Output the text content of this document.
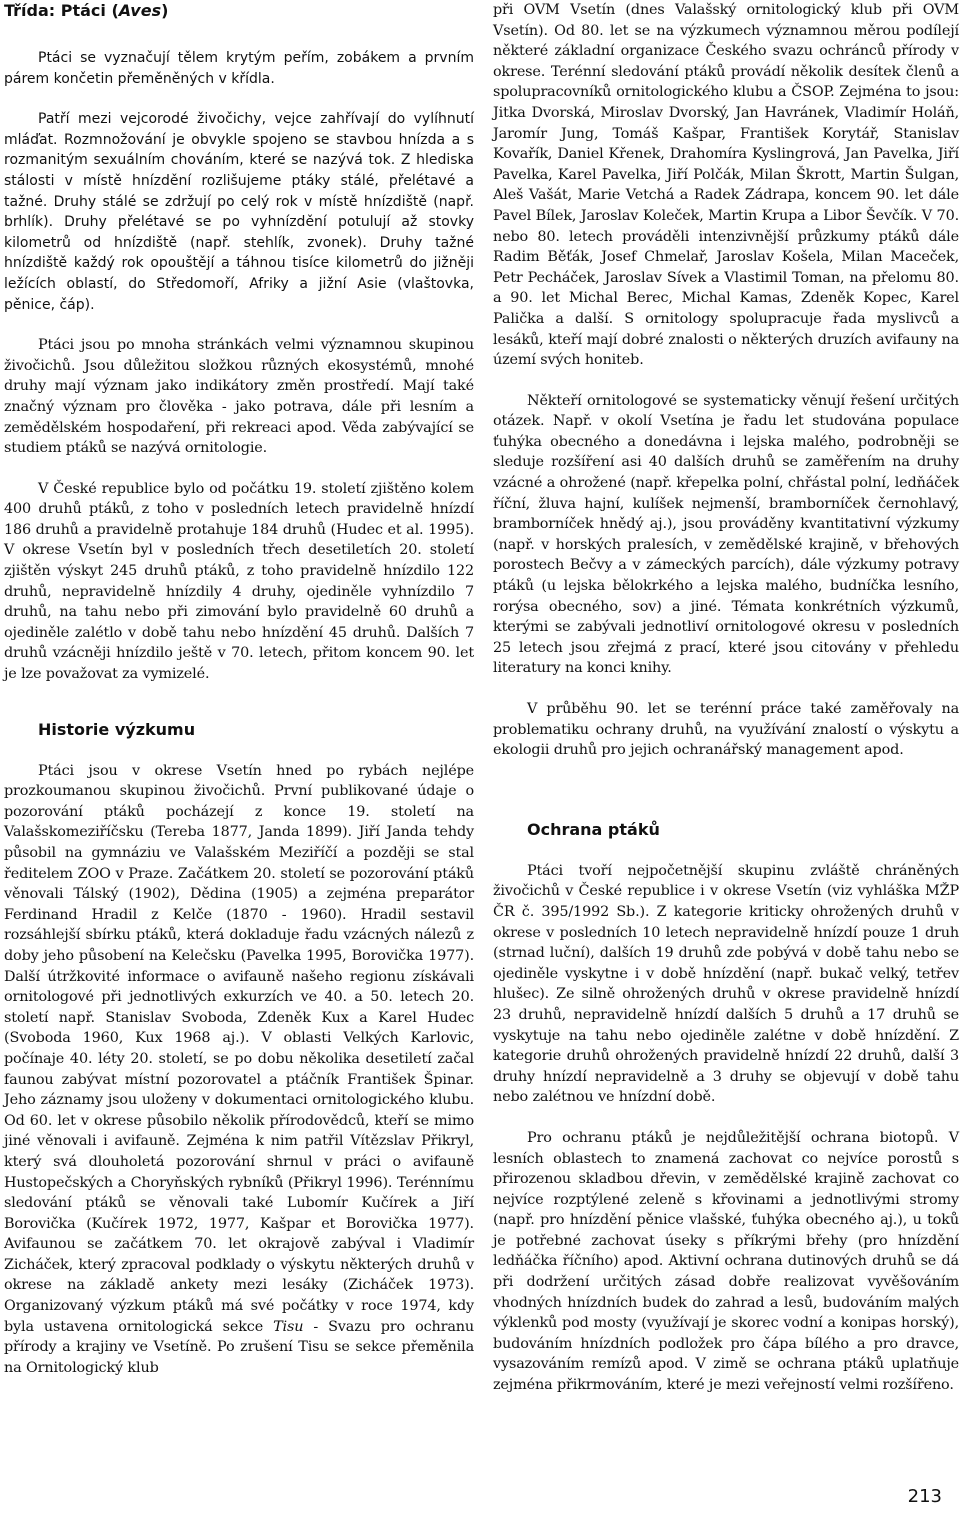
Třída: Ptáci (Aves)

Ptáci se vyznačují tělem krytým peřím, zobákem a prvním párem končetin přeměněných v křídla.

Patří mezi vejcorodé živočichy, vejce zahřívají do vylíhnutí mláďat. Rozmnožování je obvykle spojeno se stavbou hnízda a s rozmanitým sexuálním chováním, které se nazývá tok. Z hlediska stálosti v místě hnízdění rozlišujeme ptáky stálé, přelétavé a tažné. Druhy stálé se zdržují po celý rok v místě hnízdiště (např. brhlík). Druhy přelétavé se po vyhnízdění potulují až stovky kilometrů od hnízdiště (např. stehlík, zvonek). Druhy tažné hnízdiště každý rok opouštějí a táhnou tisíce kilometrů do jižněji ležících oblastí, do Středomoří, Afriky a jižní Asie (vlaštovka, pěnice, čáp).

Ptáci jsou po mnoha stránkách velmi významnou skupinou živočichů. Jsou důležitou složkou různých ekosystémů, mnohé druhy mají význam jako indikátory změn prostředí. Mají také značný význam pro člověka - jako potrava, dále při lesním a zemědělském hospodaření, při rekreaci apod. Věda zabývající se studiem ptáků se nazývá ornitologie.

V České republice bylo od počátku 19. století zjištěno kolem 400 druhů ptáků, z toho v posledních letech pravidelně hnízdí 186 druhů a pravidelně protahuje 184 druhů (Hudec et al. 1995). V okrese Vsetín byl v posledních třech desetiletích 20. století zjištěn výskyt 245 druhů ptáků, z toho pravidelně hnízdilo 122 druhů, nepravidelně hnízdily 4 druhy, ojediněle vyhnízdilo 7 druhů, na tahu nebo při zimování bylo pravidelně 60 druhů a ojediněle zalétlo v době tahu nebo hnízdění 45 druhů. Dalších 7 druhů vzácněji hnízdilo ještě v 70. letech, přitom koncem 90. let je lze považovat za vymizelé.

Historie výzkumu

Ptáci jsou v okrese Vsetín hned po rybách nejlépe prozkoumanou skupinou živočichů. První publikované údaje o pozorování ptáků pocházejí z konce 19. století na Valašskomeziříčsku (Tereba 1877, Janda 1899). Jiří Janda tehdy působil na gymnáziu ve Valašském Meziříčí a později se stal ředitelem ZOO v Praze. Začátkem 20. století se pozorování ptáků věnovali Tálský (1902), Dědina (1905) a zejména preparátor Ferdinand Hradil z Kelče (1870 - 1960). Hradil sestavil rozsáhlejší sbírku ptáků, která dokladuje řadu vzácných nálezů z doby jeho působení na Kelečsku (Pavelka 1995, Borovička 1977). Další útržkovité informace o avifauně našeho regionu získávali ornitologové při jednotlivých exkurzích ve 40. a 50. letech 20. století např. Stanislav Svoboda, Zdeněk Kux a Karel Hudec (Svoboda 1960, Kux 1968 aj.). V oblasti Velkých Karlovic, počínaje 40. léty 20. století, se po dobu několika desetiletí začal faunou zabývat místní pozorovatel a ptáčník František Špinar. Jeho záznamy jsou uloženy v dokumentaci ornitologického klubu. Od 60. let v okrese působilo několik přírodovědců, kteří se mimo jiné věnovali i avifauně. Zejména k nim patřil Vítězslav Přikryl, který svá dlouholetá pozorování shrnul v práci o avifauně Hustopečských a Choryňských rybníků (Přikryl 1996). Terénnímu sledování ptáků se věnovali také Lubomír Kučírek a Jiří Borovička (Kučírek 1972, 1977, Kašpar et Borovička 1977). Avifaunou se začátkem 70. let okrajově zabýval i Vladimír Zicháček, který zpracoval podklady o výskytu některých druhů v okrese na základě ankety mezi lesáky (Zicháček 1973). Organizovaný výzkum ptáků má své počátky v roce 1974, kdy byla ustavena ornitologická sekce Tisu - Svazu pro ochranu přírody a krajiny ve Vsetíně. Po zrušení Tisu se sekce přeměnila na Ornitologický klub

při OVM Vsetín (dnes Valašský ornitologický klub při OVM Vsetín). Od 80. let se na výzkumech významnou měrou podílejí některé základní organizace Českého svazu ochránců přírody v okrese. Terénní sledování ptáků provádí několik desítek členů a spolupracovníků ornitologického klubu a ČSOP. Zejména to jsou: Jitka Dvorská, Miroslav Dvorský, Jan Havránek, Vladimír Holáň, Jaromír Jung, Tomáš Kašpar, František Korytář, Stanislav Kovařík, Daniel Křenek, Drahomíra Kyslingrová, Jan Pavelka, Jiří Pavelka, Karel Pavelka, Jiří Polčák, Milan Škrott, Martin Šulgan, Aleš Vašát, Marie Vetchá a Radek Zádrapa, koncem 90. let dále Pavel Bílek, Jaroslav Koleček, Martin Krupa a Libor Ševčík. V 70. nebo 80. letech prováděli intenzivnější průzkumy ptáků dále Radim Běťák, Josef Chmelař, Jaroslav Košela, Milan Maceček, Petr Pecháček, Jaroslav Sívek a Vlastimil Toman, na přelomu 80. a 90. let Michal Berec, Michal Kamas, Zdeněk Kopec, Karel Palička a další. S ornitology spolupracuje řada myslivců a lesáků, kteří mají dobré znalosti o některých druzích avifauny na území svých honiteb.

Někteří ornitologové se systematicky věnují řešení určitých otázek. Např. v okolí Vsetína je řadu let studována populace ťuhýka obecného a donedávna i lejska malého, podrobněji se sleduje rozšíření asi 40 dalších druhů se zaměřením na druhy vzácné a ohrožené (např. křepelka polní, chřástal polní, ledňáček říční, žluva hajní, kulíšek nejmenší, bramborníček černohlavý, bramborníček hnědý aj.), jsou prováděny kvantitativní výzkumy (např. v horských pralesích, v zemědělské krajině, v břehových porostech Bečvy a v zámeckých parcích), dále výzkumy potravy ptáků (u lejska bělokrkého a lejska malého, budníčka lesního, rorýsa obecného, sov) a jiné. Témata konkrétních výzkumů, kterými se zabývali jednotliví ornitologové okresu v posledních 25 letech jsou zřejmá z prací, které jsou citovány v přehledu literatury na konci knihy.

V průběhu 90. let se terénní práce také zaměřovaly na problematiku ochrany druhů, na využívání znalostí o výskytu a ekologii druhů pro jejich ochranářský management apod.

Ochrana ptáků

Ptáci tvoří nejpočetnější skupinu zvláště chráněných živočichů v České republice i v okrese Vsetín (viz vyhláška MŽP ČR č. 395/1992 Sb.). Z kategorie kriticky ohrožených druhů v okrese v posledních 10 letech nepravidelně hnízdí pouze 1 druh (strnad luční), dalších 19 druhů zde pobývá v době tahu nebo se ojediněle vyskytne i v době hnízdění (např. bukač velký, tetřev hlušec). Ze silně ohrožených druhů v okrese pravidelně hnízdí 23 druhů, nepravidelně hnízdí dalších 5 druhů a 17 druhů se vyskytuje na tahu nebo ojediněle zalétne v době hnízdění. Z kategorie druhů ohrožených pravidelně hnízdí 22 druhů, další 3 druhy hnízdí nepravidelně a 3 druhy se objevují v době tahu nebo zalétnou ve hnízdní době.

Pro ochranu ptáků je nejdůležitější ochrana biotopů. V lesních oblastech to znamená zachovat co nejvíce porostů s přirozenou skladbou dřevin, v zemědělské krajině zachovat co nejvíce rozptýlené zeleně s křovinami a jednotlivými stromy (např. pro hnízdění pěnice vlašské, ťuhýka obecného aj.), u toků je potřebné zachovat úseky s příkrými břehy (pro hnízdění ledňáčka říčního) apod. Aktivní ochrana dutinových druhů se dá při dodržení určitých zásad dobře realizovat vyvěšováním vhodných hnízdních budek do zahrad a lesů, budováním malých výklenků pod mosty (využívají je skorec vodní a konipas horský), budováním hnízdních podložek pro čápa bílého a pro dravce, vysazováním remízů apod. V zimě se ochrana ptáků uplatňuje zejména přikrmováním, které je mezi veřejností velmi rozšířeno.

213
